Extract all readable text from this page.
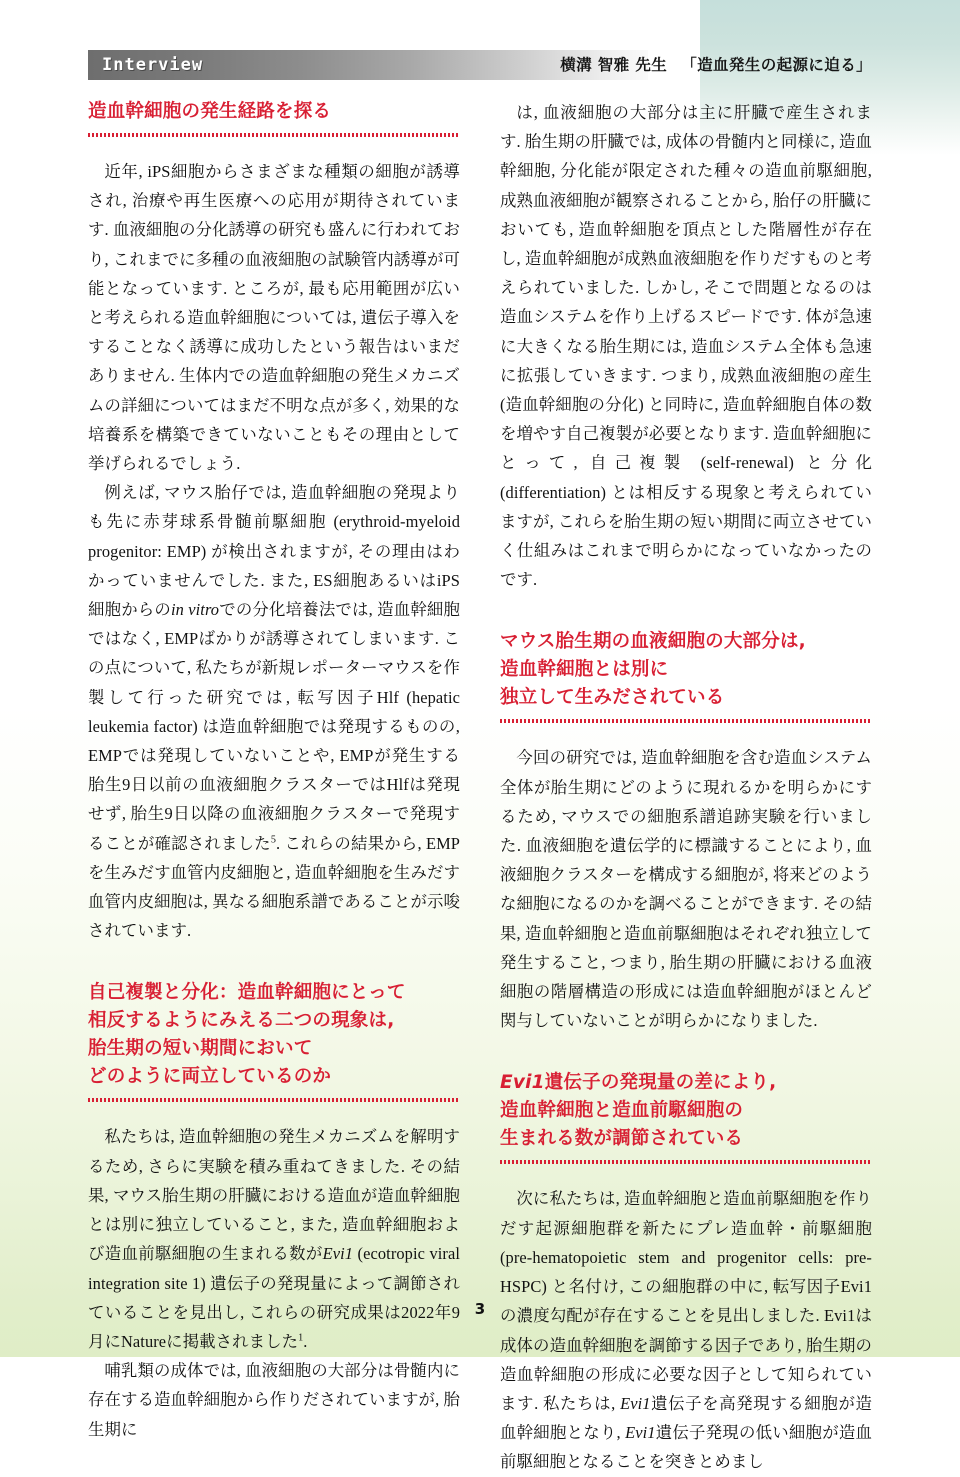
Interview	横溝 智雅 先生 「造血発生の起源に迫る」
造血幹細胞の発生経路を探る

近年, iPS細胞からさまざまな種類の細胞が誘導され, 治療や再生医療への応用が期待されています. 血液細胞の分化誘導の研究も盛んに行われており, これまでに多種の血液細胞の試験管内誘導が可能となっています. ところが, 最も応用範囲が広いと考えられる造血幹細胞については, 遺伝子導入をすることなく誘導に成功したという報告はいまだありません. 生体内での造血幹細胞の発生メカニズムの詳細についてはまだ不明な点が多く, 効果的な培養系を構築できていないこともその理由として挙げられるでしょう.

例えば, マウス胎仔では, 造血幹細胞の発現よりも先に赤芽球系骨髄前駆細胞 (erythroid-myeloid progenitor: EMP) が検出されますが, その理由はわかっていませんでした. また, ES細胞あるいはiPS細胞からのin vitroでの分化培養法では, 造血幹細胞ではなく, EMPばかりが誘導されてしまいます. この点について, 私たちが新規レポーターマウスを作製して行った研究では, 転写因子Hlf (hepatic leukemia factor) は造血幹細胞では発現するものの, EMPでは発現していないことや, EMPが発生する胎生9日以前の血液細胞クラスターではHlfは発現せず, 胎生9日以降の血液細胞クラスターで発現することが確認されました$^5$. これらの結果から, EMPを生みだす血管内皮細胞と, 造血幹細胞を生みだす血管内皮細胞は, 異なる細胞系譜であることが示唆されています.

自己複製と分化：造血幹細胞にとって
相反するようにみえる二つの現象は,
胎生期の短い期間において
どのように両立しているのか

私たちは, 造血幹細胞の発生メカニズムを解明するため, さらに実験を積み重ねてきました. その結果, マウス胎生期の肝臓における造血が造血幹細胞とは別に独立していること, また, 造血幹細胞および造血前駆細胞の生まれる数がEvi1 (ecotropic viral integration site 1) 遺伝子の発現量によって調節されていることを見出し, これらの研究成果は2022年9月にNatureに掲載されました$^1$.

哺乳類の成体では, 血液細胞の大部分は骨髄内に存在する造血幹細胞から作りだされていますが, 胎生期に

は, 血液細胞の大部分は主に肝臓で産生されます. 胎生期の肝臓では, 成体の骨髄内と同様に, 造血幹細胞, 分化能が限定された種々の造血前駆細胞, 成熟血液細胞が観察されることから, 胎仔の肝臓においても, 造血幹細胞を頂点とした階層性が存在し, 造血幹細胞が成熟血液細胞を作りだすものと考えられていました. しかし, そこで問題となるのは造血システムを作り上げるスピードです. 体が急速に大きくなる胎生期には, 造血システム全体も急速に拡張していきます. つまり, 成熟血液細胞の産生 (造血幹細胞の分化) と同時に, 造血幹細胞自体の数を増やす自己複製が必要となります. 造血幹細胞にとって, 自己複製 (self-renewal) と分化 (differentiation) とは相反する現象と考えられていますが, これらを胎生期の短い期間に両立させていく仕組みはこれまで明らかになっていなかったのです.

マウス胎生期の血液細胞の大部分は,
造血幹細胞とは別に
独立して生みだされている

今回の研究では, 造血幹細胞を含む造血システム全体が胎生期にどのように現れるかを明らかにするため, マウスでの細胞系譜追跡実験を行いました. 血液細胞を遺伝学的に標識することにより, 血液細胞クラスターを構成する細胞が, 将来どのような細胞になるのかを調べることができます. その結果, 造血幹細胞と造血前駆細胞はそれぞれ独立して発生すること, つまり, 胎生期の肝臓における血液細胞の階層構造の形成には造血幹細胞がほとんど関与していないことが明らかになりました.

Evi1遺伝子の発現量の差により,
造血幹細胞と造血前駆細胞の
生まれる数が調節されている

次に私たちは, 造血幹細胞と造血前駆細胞を作りだす起源細胞群を新たにプレ造血幹・前駆細胞 (pre-hematopoietic stem and progenitor cells: pre-HSPC) と名付け, この細胞群の中に, 転写因子Evi1の濃度勾配が存在することを見出しました. Evi1は成体の造血幹細胞を調節する因子であり, 胎生期の造血幹細胞の形成に必要な因子として知られています. 私たちは, Evi1遺伝子を高発現する細胞が造血幹細胞となり, Evi1遺伝子発現の低い細胞が造血前駆細胞となることを突きとめまし

3
